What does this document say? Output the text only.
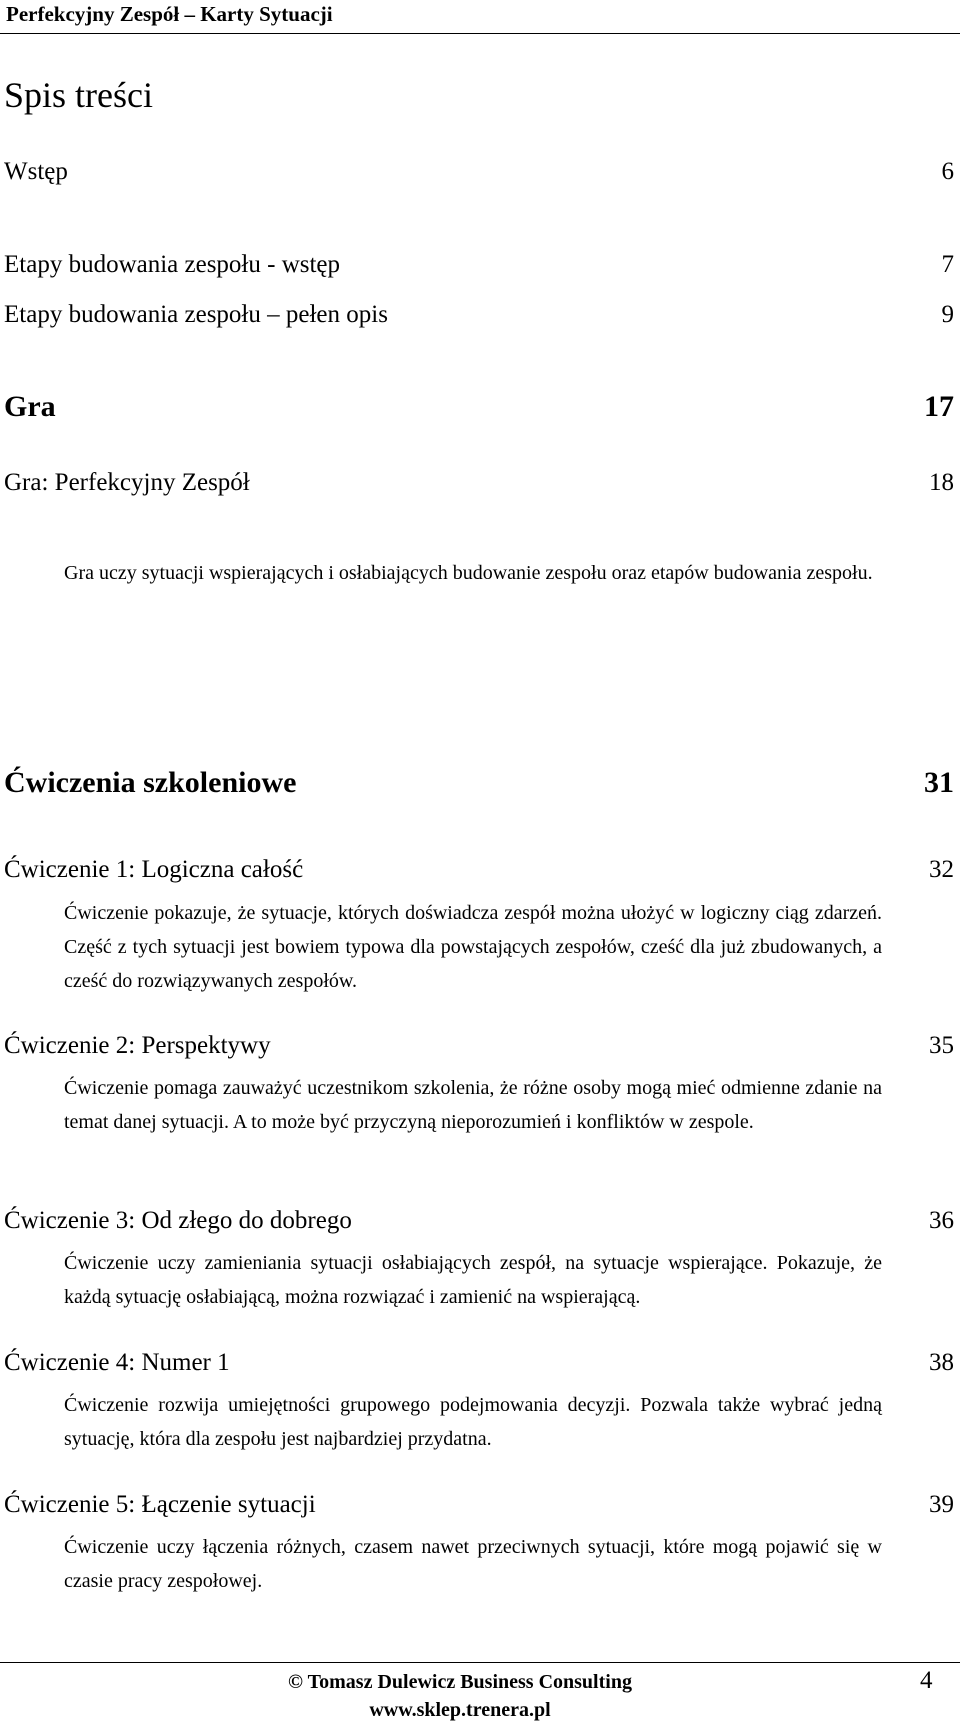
Perfekcyjny Zespół – Karty Sytuacji
Spis treści
Wstęp	6
Etapy budowania zespołu - wstęp	7
Etapy budowania zespołu – pełen opis	9
Gra	17
Gra: Perfekcyjny Zespół	18
Gra uczy sytuacji wspierających i osłabiających budowanie zespołu oraz etapów budowania zespołu.
Ćwiczenia szkoleniowe	31
Ćwiczenie 1: Logiczna całość	32
Ćwiczenie pokazuje, że sytuacje, których doświadcza zespół można ułożyć w logiczny ciąg zdarzeń. Część z tych sytuacji jest bowiem typowa dla powstających zespołów, cześć dla już zbudowanych, a cześć do rozwiązywanych zespołów.
Ćwiczenie 2: Perspektywy	35
Ćwiczenie pomaga zauważyć uczestnikom szkolenia, że różne osoby mogą mieć odmienne zdanie na temat danej sytuacji. A to może być przyczyną nieporozumień i konfliktów w zespole.
Ćwiczenie 3: Od złego do dobrego	36
Ćwiczenie uczy zamieniania sytuacji osłabiających zespół, na sytuacje wspierające. Pokazuje, że każdą sytuację osłabiającą, można rozwiązać i zamienić na wspierającą.
Ćwiczenie 4: Numer 1	38
Ćwiczenie rozwija umiejętności grupowego podejmowania decyzji. Pozwala także wybrać jedną sytuację, która dla zespołu jest najbardziej przydatna.
Ćwiczenie 5: Łączenie sytuacji	39
Ćwiczenie uczy łączenia różnych, czasem nawet przeciwnych sytuacji, które mogą pojawić się w czasie pracy zespołowej.
© Tomasz Dulewicz Business Consulting
www.sklep.trenera.pl
4
